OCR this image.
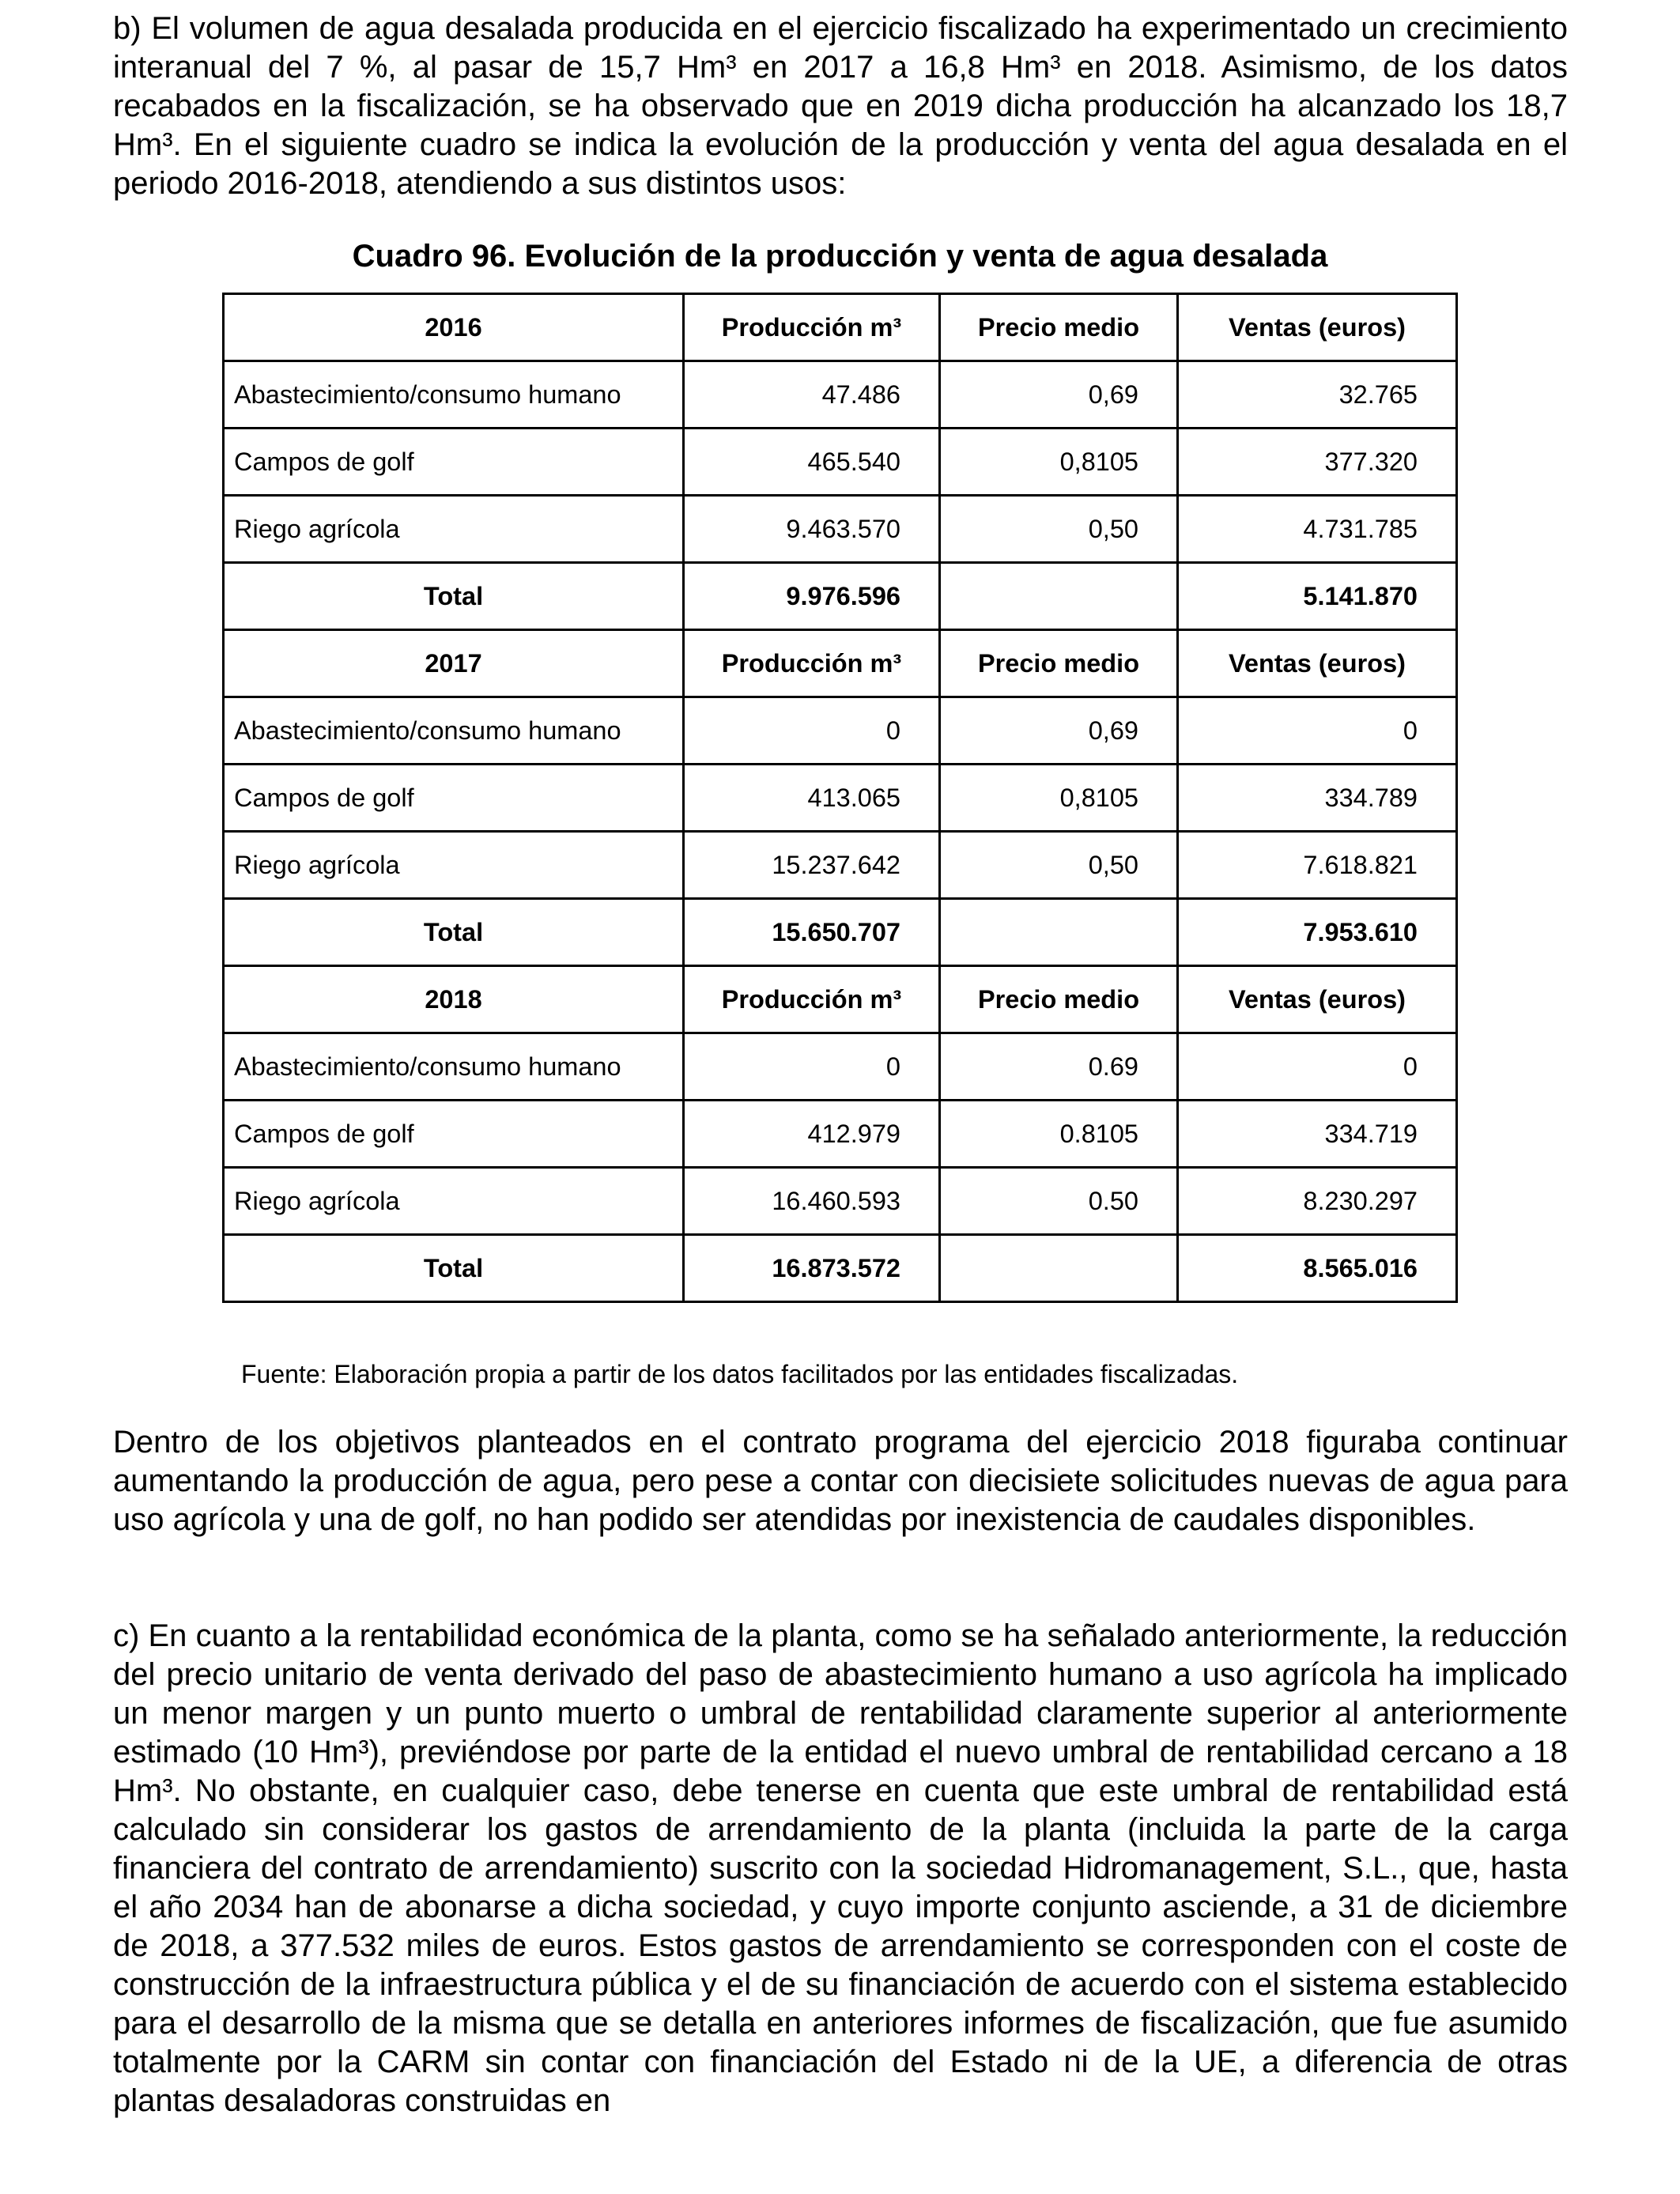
b) El volumen de agua desalada producida en el ejercicio fiscalizado ha experimentado un crecimiento interanual del 7 %, al pasar de 15,7 Hm³ en 2017 a 16,8 Hm³ en 2018. Asimismo, de los datos recabados en la fiscalización, se ha observado que en 2019 dicha producción ha alcanzado los 18,7 Hm³. En el siguiente cuadro se indica la evolución de la producción y venta del agua desalada en el periodo 2016-2018, atendiendo a sus distintos usos:

Cuadro 96. Evolución de la producción y venta de agua desalada
2016	Producción m³	Precio medio	Ventas (euros)
Abastecimiento/consumo humano	47.486	0,69	32.765
Campos de golf	465.540	0,8105	377.320
Riego agrícola	9.463.570	0,50	4.731.785
Total	9.976.596		5.141.870
2017	Producción m³	Precio medio	Ventas (euros)
Abastecimiento/consumo humano	0	0,69	0
Campos de golf	413.065	0,8105	334.789
Riego agrícola	15.237.642	0,50	7.618.821
Total	15.650.707		7.953.610
2018	Producción m³	Precio medio	Ventas (euros)
Abastecimiento/consumo humano	0	0.69	0
Campos de golf	412.979	0.8105	334.719
Riego agrícola	16.460.593	0.50	8.230.297
Total	16.873.572		8.565.016
Fuente: Elaboración propia a partir de los datos facilitados por las entidades fiscalizadas.

Dentro de los objetivos planteados en el contrato programa del ejercicio 2018 figuraba continuar aumentando la producción de agua, pero pese a contar con diecisiete solicitudes nuevas de agua para uso agrícola y una de golf, no han podido ser atendidas por inexistencia de caudales disponibles.

c) En cuanto a la rentabilidad económica de la planta, como se ha señalado anteriormente, la reducción del precio unitario de venta derivado del paso de abastecimiento humano a uso agrícola ha implicado un menor margen y un punto muerto o umbral de rentabilidad claramente superior al anteriormente estimado (10 Hm³), previéndose por parte de la entidad el nuevo umbral de rentabilidad cercano a 18 Hm³. No obstante, en cualquier caso, debe tenerse en cuenta que este umbral de rentabilidad está calculado sin considerar los gastos de arrendamiento de la planta (incluida la parte de la carga financiera del contrato de arrendamiento) suscrito con la sociedad Hidromanagement, S.L., que, hasta el año 2034 han de abonarse a dicha sociedad, y cuyo importe conjunto asciende, a 31 de diciembre de 2018, a 377.532 miles de euros. Estos gastos de arrendamiento se corresponden con el coste de construcción de la infraestructura pública y el de su financiación de acuerdo con el sistema establecido para el desarrollo de la misma que se detalla en anteriores informes de fiscalización, que fue asumido totalmente por la CARM sin contar con financiación del Estado ni de la UE, a diferencia de otras plantas desaladoras construidas en
